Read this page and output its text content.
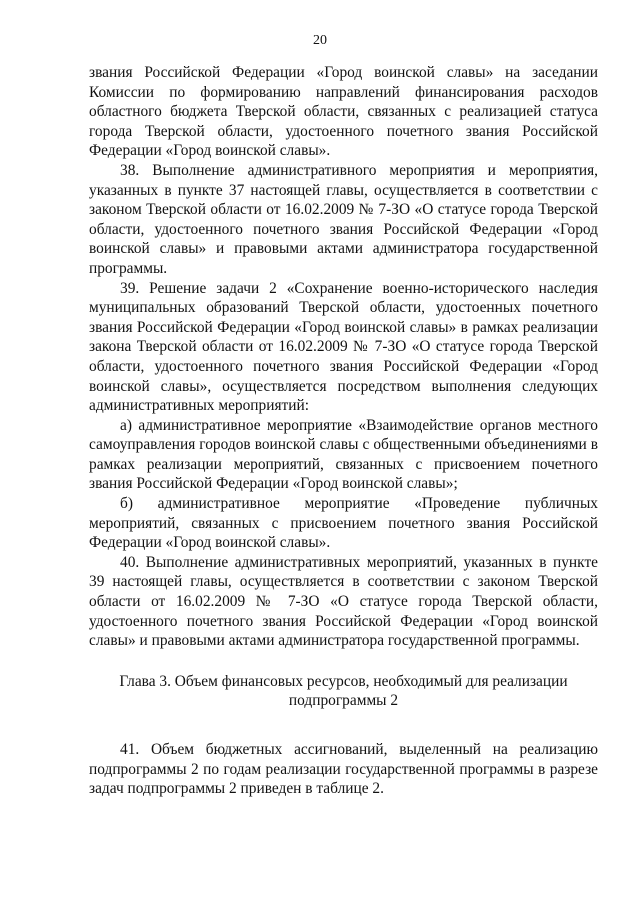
20

звания Российской Федерации «Город воинской славы» на заседании Комиссии по формированию направлений финансирования расходов областного бюджета Тверской области, связанных с реализацией статуса города Тверской области, удостоенного почетного звания Российской Федерации «Город воинской славы».

38. Выполнение административного мероприятия и мероприятия, указанных в пункте 37 настоящей главы, осуществляется в соответствии с законом Тверской области от 16.02.2009 № 7-ЗО «О статусе города Тверской области, удостоенного почетного звания Российской Федерации «Город воинской славы» и правовыми актами администратора государственной программы.

39. Решение задачи 2 «Сохранение военно-исторического наследия муниципальных образований Тверской области, удостоенных почетного звания Российской Федерации «Город воинской славы» в рамках реализации закона Тверской области от 16.02.2009 № 7-ЗО «О статусе города Тверской области, удостоенного почетного звания Российской Федерации «Город воинской славы», осуществляется посредством выполнения следующих административных мероприятий:

а) административное мероприятие «Взаимодействие органов местного самоуправления городов воинской славы с общественными объединениями в рамках реализации мероприятий, связанных с присвоением почетного звания Российской Федерации «Город воинской славы»;

б) административное мероприятие «Проведение публичных мероприятий, связанных с присвоением почетного звания Российской Федерации «Город воинской славы».

40. Выполнение административных мероприятий, указанных в пункте 39 настоящей главы, осуществляется в соответствии с законом Тверской области от 16.02.2009 № 7-ЗО «О статусе города Тверской области, удостоенного почетного звания Российской Федерации «Город воинской славы» и правовыми актами администратора государственной программы.

Глава 3. Объем финансовых ресурсов, необходимый для реализации подпрограммы 2

41. Объем бюджетных ассигнований, выделенный на реализацию подпрограммы 2 по годам реализации государственной программы в разрезе задач подпрограммы 2 приведен в таблице 2.
